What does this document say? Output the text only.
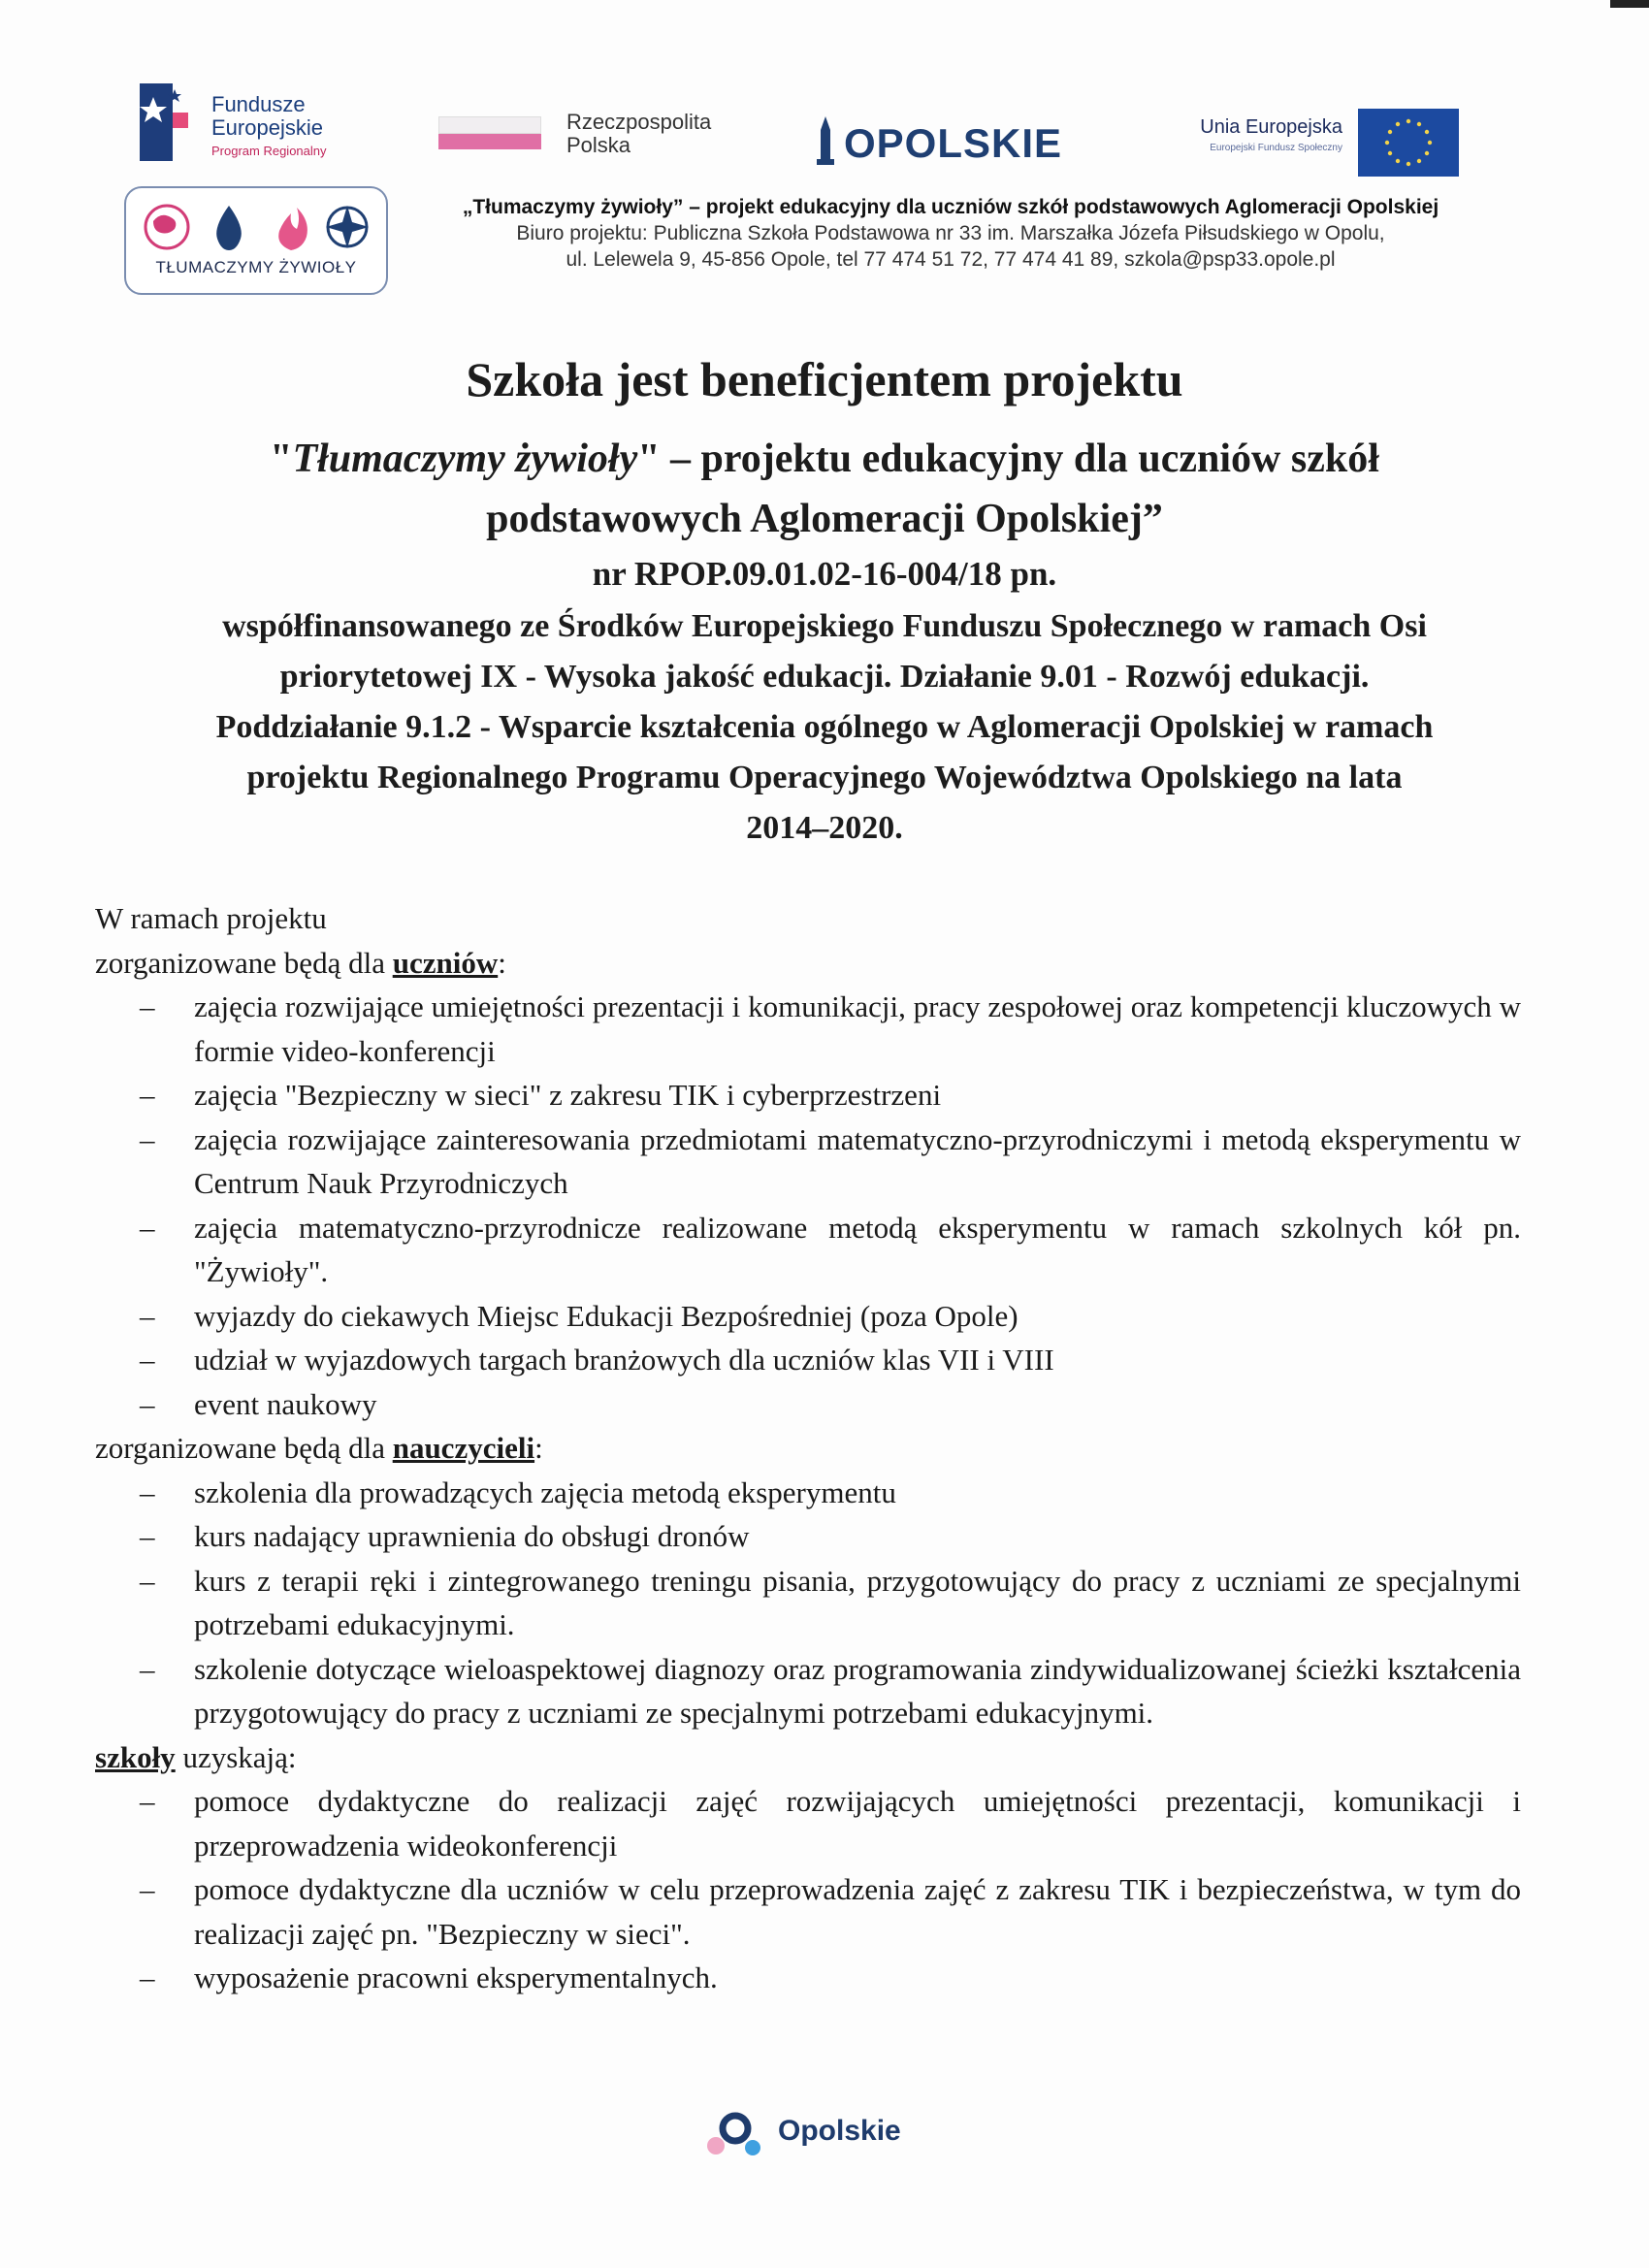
Fundusze
Europejskie
Program Regionalny
Rzeczpospolita
Polska	OPOLSKIE	Unia Europejska
Europejski Fundusz Społeczny
TŁUMACZYMY ŻYWIOŁY
„Tłumaczymy żywioły” – projekt edukacyjny dla uczniów szkół podstawowych Aglomeracji Opolskiej
Biuro projektu: Publiczna Szkoła Podstawowa nr 33 im. Marszałka Józefa Piłsudskiego w Opolu,
ul. Lelewela 9, 45-856 Opole, tel 77 474 51 72, 77 474 41 89, szkola@psp33.opole.pl
Szkoła jest beneficjentem projektu
"Tłumaczymy żywioły" – projektu edukacyjny dla uczniów szkół
podstawowych Aglomeracji Opolskiej”
nr RPOP.09.01.02-16-004/18 pn.
współfinansowanego ze Środków Europejskiego Funduszu Społecznego w ramach Osi
priorytetowej IX - Wysoka jakość edukacji. Działanie 9.01 - Rozwój edukacji.
Poddziałanie 9.1.2 - Wsparcie kształcenia ogólnego w Aglomeracji Opolskiej w ramach
projektu Regionalnego Programu Operacyjnego Województwa Opolskiego na lata
2014–2020.

W ramach projektu

zorganizowane będą dla uczniów:

– zajęcia rozwijające umiejętności prezentacji i komunikacji, pracy zespołowej oraz kompetencji kluczowych w formie video-konferencji
– zajęcia "Bezpieczny w sieci" z zakresu TIK i cyberprzestrzeni
– zajęcia rozwijające zainteresowania przedmiotami matematyczno-przyrodniczymi i metodą eksperymentu w Centrum Nauk Przyrodniczych
– zajęcia matematyczno-przyrodnicze realizowane metodą eksperymentu w ramach szkolnych kół pn. "Żywioły".
– wyjazdy do ciekawych Miejsc Edukacji Bezpośredniej (poza Opole)
– udział w wyjazdowych targach branżowych dla uczniów klas VII i VIII
– event naukowy

zorganizowane będą dla nauczycieli:

– szkolenia dla prowadzących zajęcia metodą eksperymentu
– kurs nadający uprawnienia do obsługi dronów
– kurs z terapii ręki i zintegrowanego treningu pisania, przygotowujący do pracy z uczniami ze specjalnymi potrzebami edukacyjnymi.
– szkolenie dotyczące wieloaspektowej diagnozy oraz programowania zindywidualizowanej ścieżki kształcenia przygotowujący do pracy z uczniami ze specjalnymi potrzebami edukacyjnymi.

szkoły uzyskają:

– pomoce dydaktyczne do realizacji zajęć rozwijających umiejętności prezentacji, komunikacji i przeprowadzenia wideokonferencji
– pomoce dydaktyczne dla uczniów w celu przeprowadzenia zajęć z zakresu TIK i bezpieczeństwa, w tym do realizacji zajęć pn. "Bezpieczny w sieci".
– wyposażenie pracowni eksperymentalnych.
Opolskie
